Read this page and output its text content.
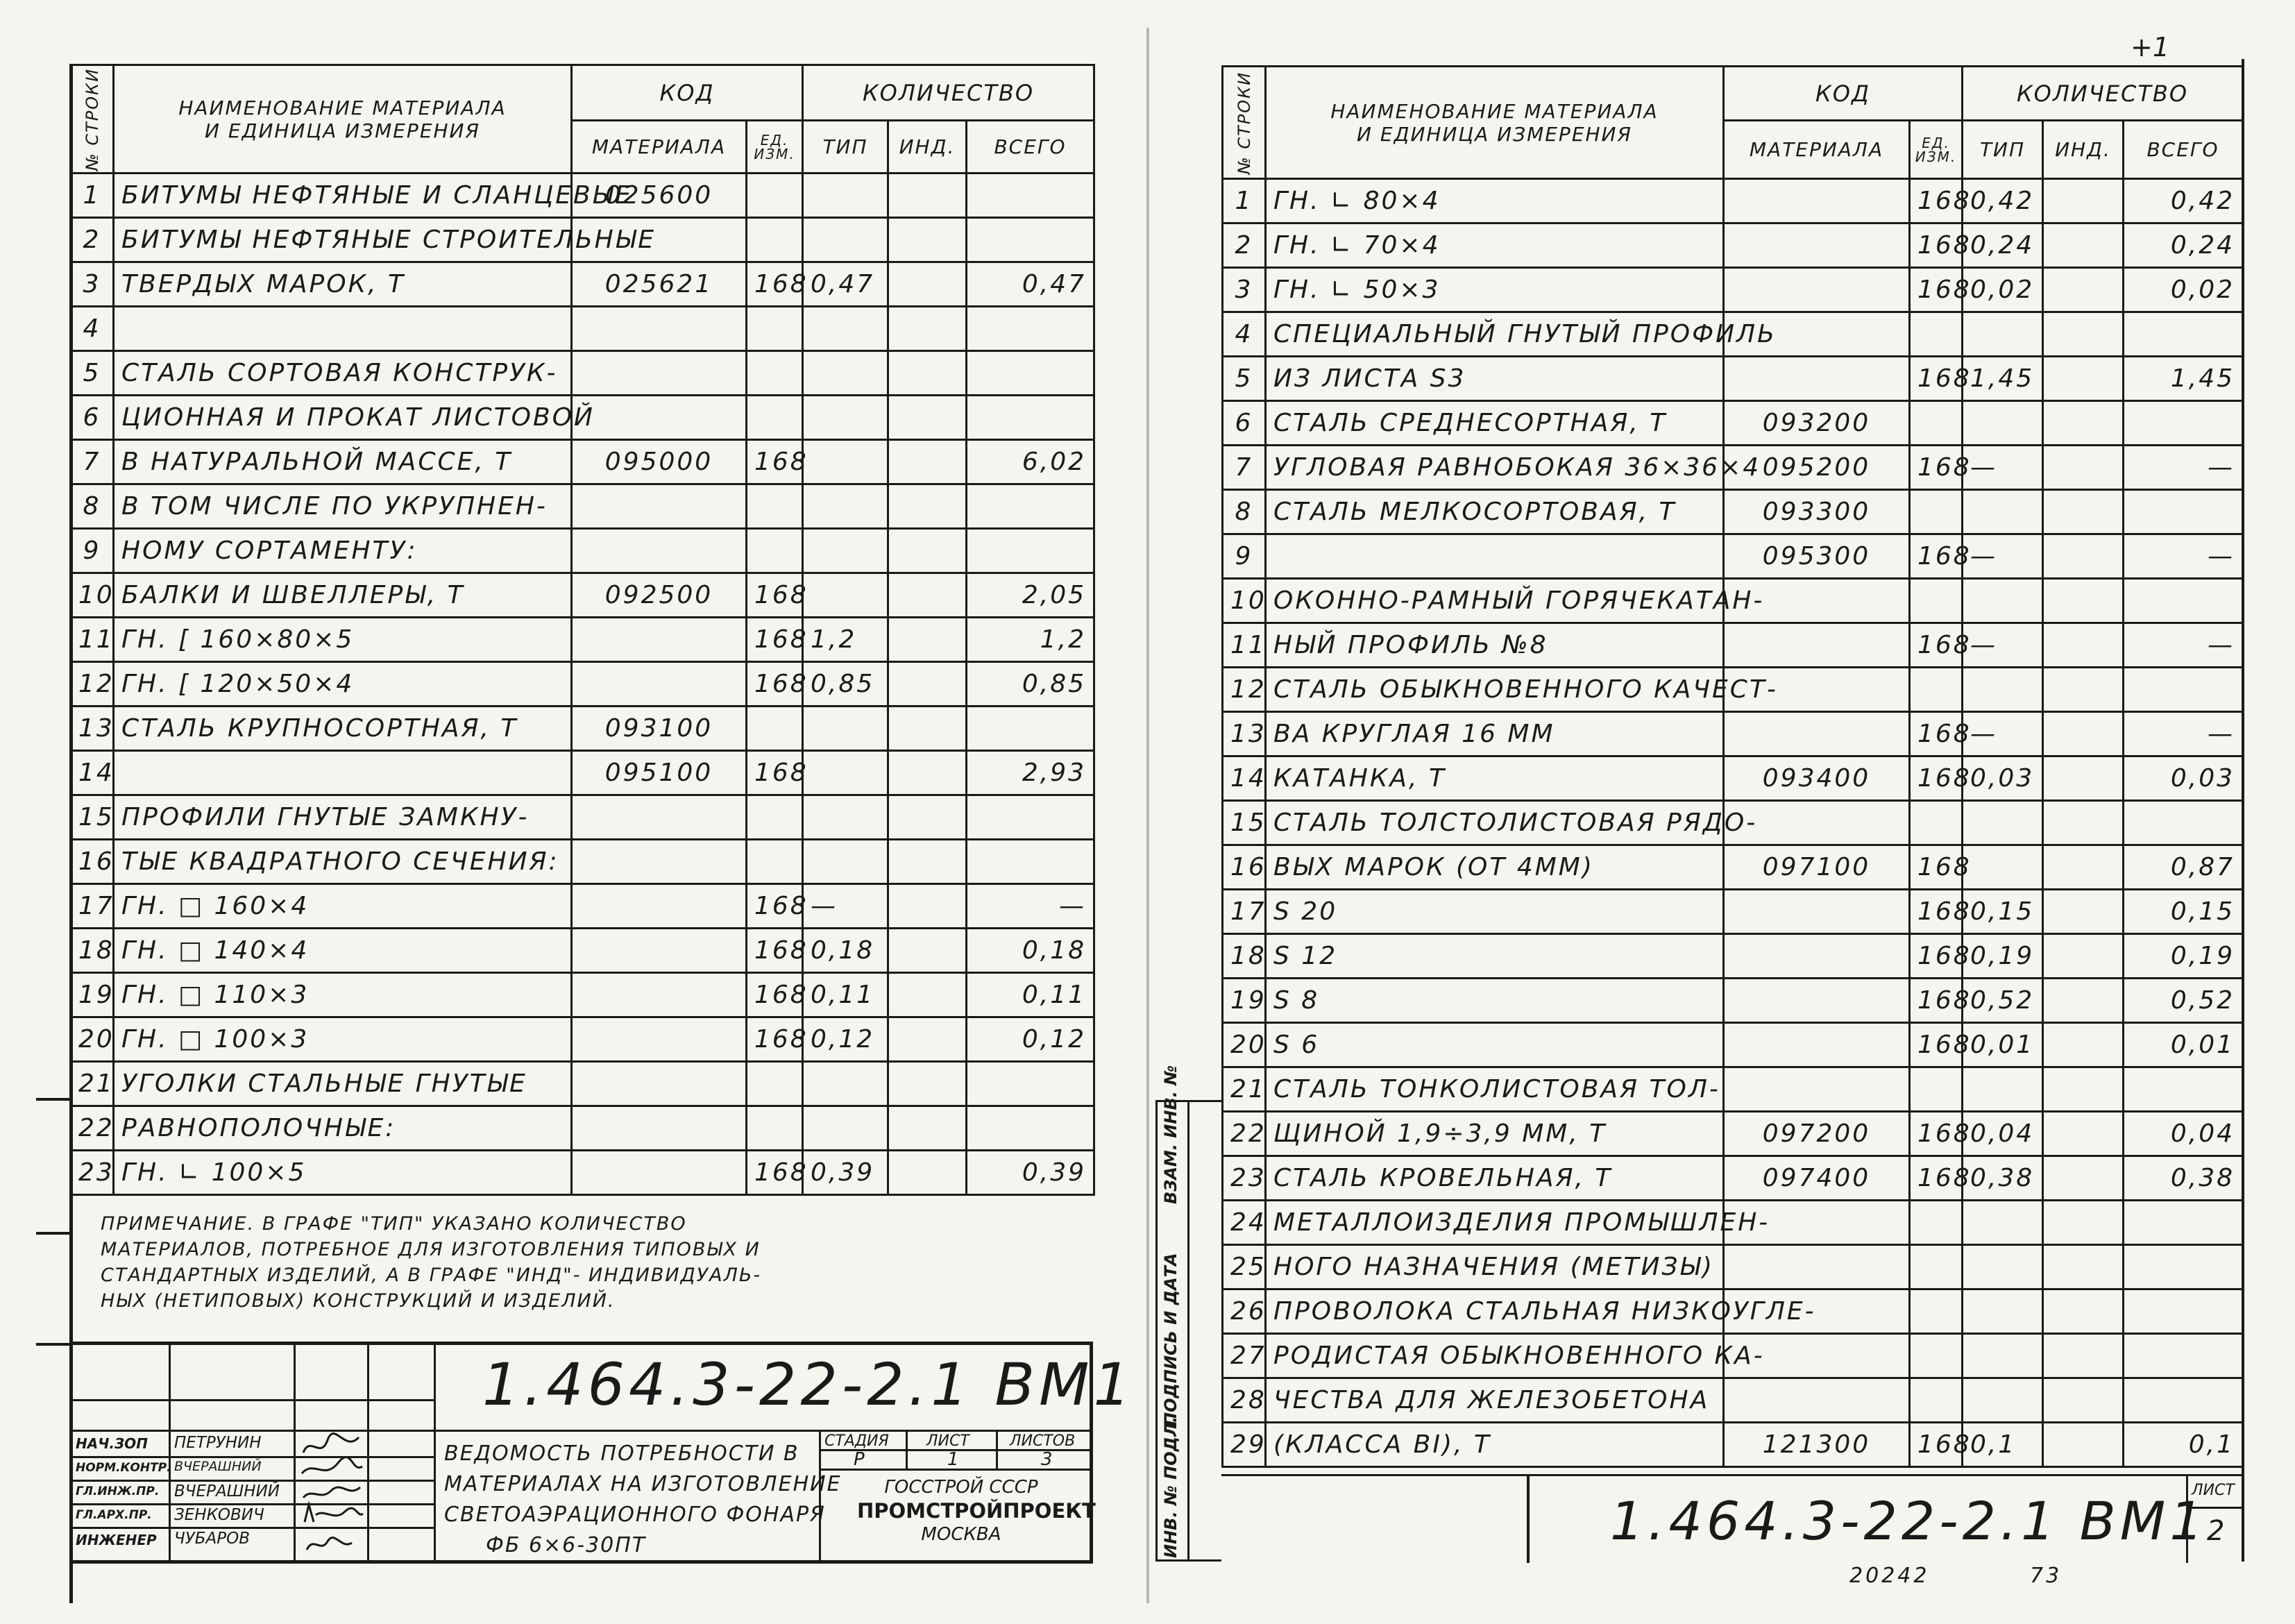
№ СТРОКИ	НАИМЕНОВАНИЕ МАТЕРИАЛА
И ЕДИНИЦА ИЗМЕРЕНИЯ	КОД		КОЛИЧЕСТВО		
		МАТЕРИАЛА	ЕД. ИЗМ.	ТИП	ИНД.	ВСЕГО
1	БИТУМЫ НЕФТЯНЫЕ И СЛАНЦЕВЫЕ	025600				
2	БИТУМЫ НЕФТЯНЫЕ СТРОИТЕЛЬНЫЕ					
3	ТВЕРДЫХ МАРОК, Т	025621	168	0,47		0,47
4						
5	СТАЛЬ СОРТОВАЯ КОНСТРУК-					
6	ЦИОННАЯ И ПРОКАТ ЛИСТОВОЙ					
7	В НАТУРАЛЬНОЙ МАССЕ, Т	095000	168			6,02
8	В ТОМ ЧИСЛЕ ПО УКРУПНЕН-					
9	НОМУ СОРТАМЕНТУ:					
10	БАЛКИ И ШВЕЛЛЕРЫ, Т	092500	168			2,05
11	ГН. [ 160×80×5		168	1,2		1,2
12	ГН. [ 120×50×4		168	0,85		0,85
13	СТАЛЬ КРУПНОСОРТНАЯ, Т	093100				
14		095100	168			2,93
15	ПРОФИЛИ ГНУТЫЕ ЗАМКНУ-					
16	ТЫЕ КВАДРАТНОГО СЕЧЕНИЯ:					
17	ГН. □ 160×4		168	—		—
18	ГН. □ 140×4		168	0,18		0,18
19	ГН. □ 110×3		168	0,11		0,11
20	ГН. □ 100×3		168	0,12		0,12
21	УГОЛКИ СТАЛЬНЫЕ ГНУТЫЕ					
22	РАВНОПОЛОЧНЫЕ:					
23	ГН. ∟ 100×5		168	0,39		0,39
ПРИМЕЧАНИЕ. В ГРАФЕ "ТИП" УКАЗАНО КОЛИЧЕСТВО
МАТЕРИАЛОВ, ПОТРЕБНОЕ ДЛЯ ИЗГОТОВЛЕНИЯ ТИПОВЫХ И
СТАНДАРТНЫХ ИЗДЕЛИЙ, А В ГРАФЕ "ИНД"- ИНДИВИДУАЛЬ-
НЫХ (НЕТИПОВЫХ) КОНСТРУКЦИЙ И ИЗДЕЛИЙ.
1.464.3-22-2.1 ВМ1
НАЧ.ЗОП ПЕТРУНИН
НОРМ.КОНТР. ВЧЕРАШНИЙ
ГЛ.ИНЖ.ПР. ВЧЕРАШНИЙ
ГЛ.АРХ.ПР. ЗЕНКОВИЧ
ИНЖЕНЕР ЧУБАРОВ
ВЕДОМОСТЬ ПОТРЕБНОСТИ В
МАТЕРИАЛАХ НА ИЗГОТОВЛЕНИЕ
СВЕТОАЭРАЦИОННОГО ФОНАРЯ
ФБ 6×6-30ПТ
СТАДИЯ ЛИСТ	ЛИСТОВ
Р	1	3
ГОССТРОЙ СССР
ПРОМСТРОЙПРОЕКТ
МОСКВА
+1
№ СТРОКИ	НАИМЕНОВАНИЕ МАТЕРИАЛА
И ЕДИНИЦА ИЗМЕРЕНИЯ	КОД		КОЛИЧЕСТВО		
		МАТЕРИАЛА	ЕД. ИЗМ.	ТИП	ИНД.	ВСЕГО
1	ГН. ∟ 80×4		168	0,42		0,42
2	ГН. ∟ 70×4		168	0,24		0,24
3	ГН. ∟ 50×3		168	0,02		0,02
4	СПЕЦИАЛЬНЫЙ ГНУТЫЙ ПРОФИЛЬ					
5	ИЗ ЛИСТА S3		168	1,45		1,45
6	СТАЛЬ СРЕДНЕСОРТНАЯ, Т	093200				
7	УГЛОВАЯ РАВНОБОКАЯ 36×36×4	095200	168	—		—
8	СТАЛЬ МЕЛКОСОРТОВАЯ, Т	093300				
9		095300	168	—		—
10	ОКОННО-РАМНЫЙ ГОРЯЧЕКАТАН-					
11	НЫЙ ПРОФИЛЬ №8		168	—		—
12	СТАЛЬ ОБЫКНОВЕННОГО КАЧЕСТ-					
13	ВА КРУГЛАЯ 16 ММ		168	—		—
14	КАТАНКА, Т	093400	168	0,03		0,03
15	СТАЛЬ ТОЛСТОЛИСТОВАЯ РЯДО-					
16	ВЫХ МАРОК (ОТ 4ММ)	097100	168			0,87
17	S 20		168	0,15		0,15
18	S 12		168	0,19		0,19
19	S 8		168	0,52		0,52
20	S 6		168	0,01		0,01
21	СТАЛЬ ТОНКОЛИСТОВАЯ ТОЛ-					
22	ЩИНОЙ 1,9÷3,9 ММ, Т	097200	168	0,04		0,04
23	СТАЛЬ КРОВЕЛЬНАЯ, Т	097400	168	0,38		0,38
24	МЕТАЛЛОИЗДЕЛИЯ ПРОМЫШЛЕН-					
25	НОГО НАЗНАЧЕНИЯ (МЕТИЗЫ)					
26	ПРОВОЛОКА СТАЛЬНАЯ НИЗКОУГЛЕ-					
27	РОДИСТАЯ ОБЫКНОВЕННОГО КА-					
28	ЧЕСТВА ДЛЯ ЖЕЛЕЗОБЕТОНА					
29	(КЛАССА BI), Т	121300	168	0,1		0,1
ИНВ. № ПОДЛ.
ПОДПИСЬ И ДАТА
ВЗАМ. ИНВ. №
1.464.3-22-2.1 ВМ1
ЛИСТ
2
20242	73
